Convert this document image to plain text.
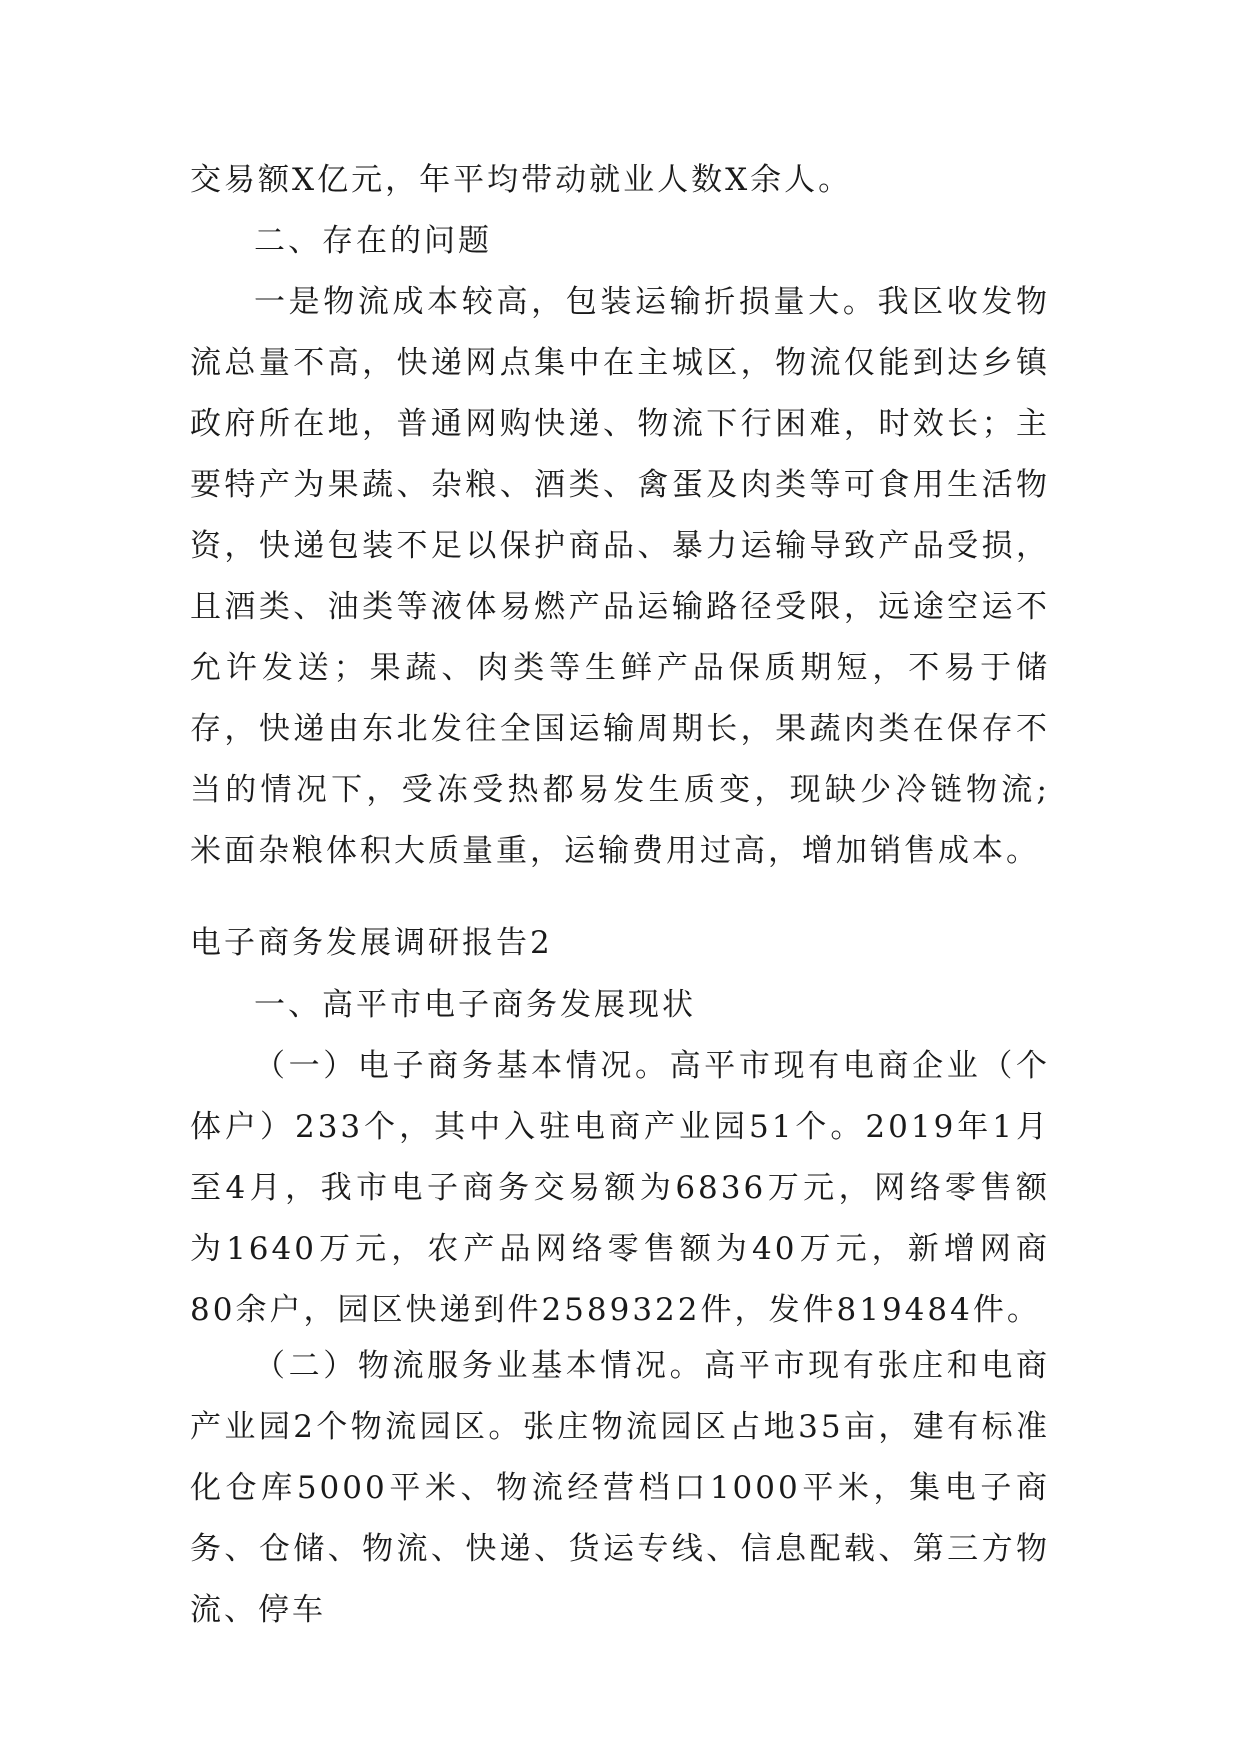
交易额X亿元，年平均带动就业人数X余人。

二、存在的问题

一是物流成本较高，包装运输折损量大。我区收发物流总量不高，快递网点集中在主城区，物流仅能到达乡镇政府所在地，普通网购快递、物流下行困难，时效长；主要特产为果蔬、杂粮、酒类、禽蛋及肉类等可食用生活物资，快递包装不足以保护商品、暴力运输导致产品受损，且酒类、油类等液体易燃产品运输路径受限，远途空运不允许发送；果蔬、肉类等生鲜产品保质期短，不易于储存，快递由东北发往全国运输周期长，果蔬肉类在保存不当的情况下，受冻受热都易发生质变，现缺少冷链物流;米面杂粮体积大质量重，运输费用过高，增加销售成本。

电子商务发展调研报告2

一、高平市电子商务发展现状

（一）电子商务基本情况。高平市现有电商企业（个体户）233个，其中入驻电商产业园51个。2019年1月至4月，我市电子商务交易额为6836万元，网络零售额为1640万元，农产品网络零售额为40万元，新增网商80余户，园区快递到件2589322件，发件819484件。

（二）物流服务业基本情况。高平市现有张庄和电商产业园2个物流园区。张庄物流园区占地35亩，建有标准化仓库5000平米、物流经营档口1000平米，集电子商务、仓储、物流、快递、货运专线、信息配载、第三方物流、停车
